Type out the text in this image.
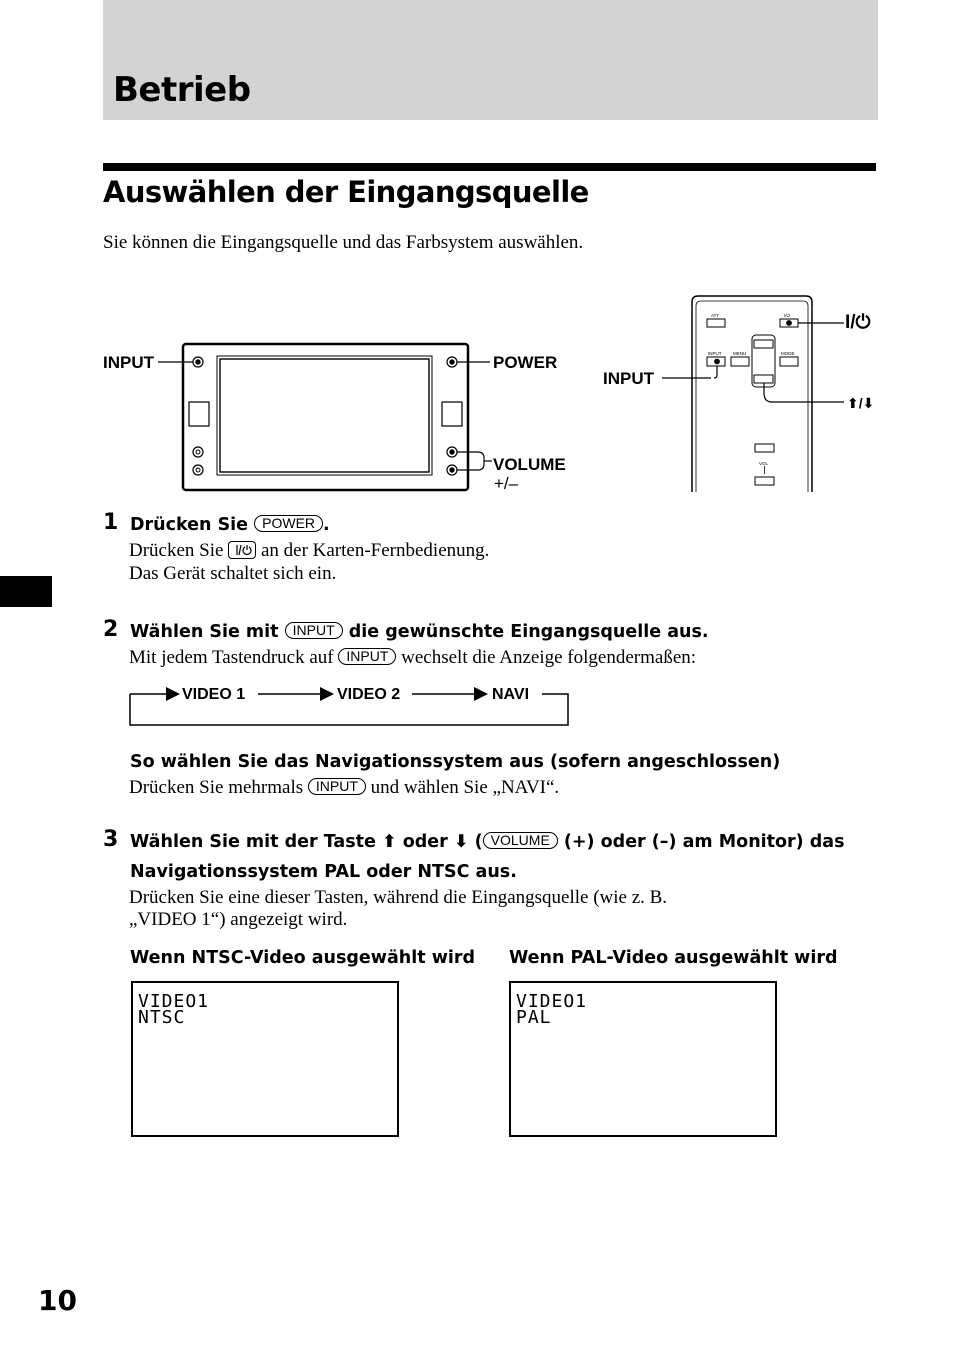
Betrieb
Auswählen der Eingangsquelle
Sie können die Eingangsquelle und das Farbsystem auswählen.
INPUT	POWER
VOLUME
+/–
ATT	I/⏻
INPUT	MENU	MODE
VOL
INPUT
I/⏻
⬆/⬇
1 Drücken Sie POWER .
Drücken Sie an der Karten-Fernbedienung.
Das Gerät schaltet sich ein.
2 Wählen Sie mit INPUT die gewünschte Eingangsquelle aus.
Mit jedem Tastendruck auf INPUT wechselt die Anzeige folgendermaßen:
VIDEO 1	VIDEO 2	NAVI
So wählen Sie das Navigationssystem aus (sofern angeschlossen)
Drücken Sie mehrmals INPUT und wählen Sie „NAVI“.
3 Wählen Sie mit der Taste ⬆ oder ⬇ ( VOLUME (+) oder (–) am Monitor) das
Navigationssystem PAL oder NTSC aus.
Drücken Sie eine dieser Tasten, während die Eingangsquelle (wie z. B.
„VIDEO 1“) angezeigt wird.
Wenn NTSC-Video ausgewählt wird Wenn PAL-Video ausgewählt wird
VIDEO1
NTSC
VIDEO1
PAL
10
